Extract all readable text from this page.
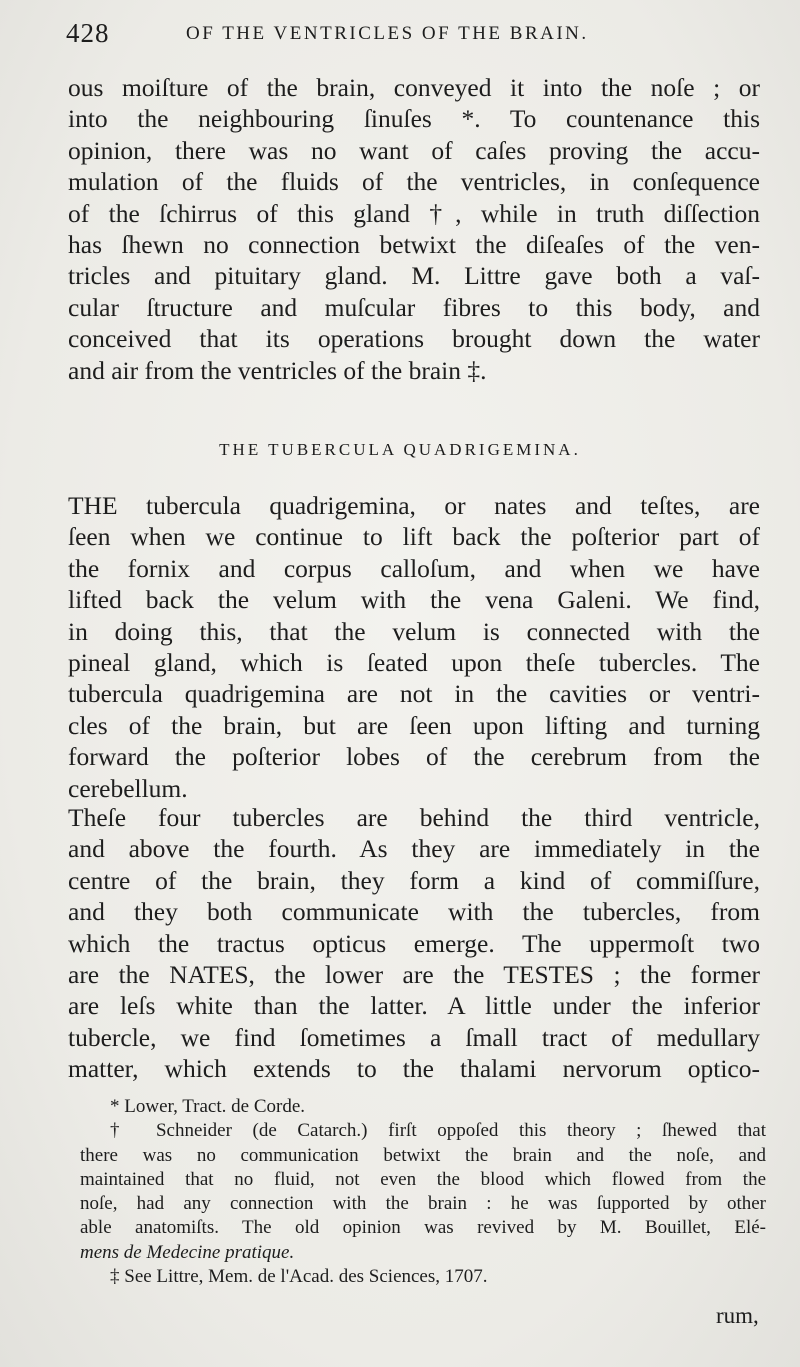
428	OF THE VENTRICLES OF THE BRAIN.
ous moiſture of the brain, conveyed it into the noſe ; or
into the neighbouring ſinuſes *. To countenance this
opinion, there was no want of caſes proving the accu-
mulation of the fluids of the ventricles, in conſequence
of the ſchirrus of this gland †, while in truth diſſection
has ſhewn no connection betwixt the diſeaſes of the ven-
tricles and pituitary gland. M. Littre gave both a vaſ-
cular ſtructure and muſcular fibres to this body, and
conceived that its operations brought down the water
and air from the ventricles of the brain ‡.
THE TUBERCULA QUADRIGEMINA.
THE tubercula quadrigemina, or nates and teſtes, are
ſeen when we continue to lift back the poſterior part of
the fornix and corpus calloſum, and when we have
lifted back the velum with the vena Galeni. We find,
in doing this, that the velum is connected with the
pineal gland, which is ſeated upon theſe tubercles. The
tubercula quadrigemina are not in the cavities or ventri-
cles of the brain, but are ſeen upon lifting and turning
forward the poſterior lobes of the cerebrum from the
cerebellum.
Theſe four tubercles are behind the third ventricle,
and above the fourth. As they are immediately in the
centre of the brain, they form a kind of commiſſure,
and they both communicate with the tubercles, from
which the tractus opticus emerge. The uppermoſt two
are the NATES, the lower are the TESTES ; the former
are leſs white than the latter. A little under the inferior
tubercle, we find ſometimes a ſmall tract of medullary
matter, which extends to the thalami nervorum optico-
* Lower, Tract. de Corde.
† Schneider (de Catarch.) firſt oppoſed this theory ; ſhewed that
there was no communication betwixt the brain and the noſe, and
maintained that no fluid, not even the blood which flowed from the
noſe, had any connection with the brain : he was ſupported by other
able anatomiſts. The old opinion was revived by M. Bouillet, Elé-
mens de Medecine pratique.
‡ See Littre, Mem. de l'Acad. des Sciences, 1707.
rum,
